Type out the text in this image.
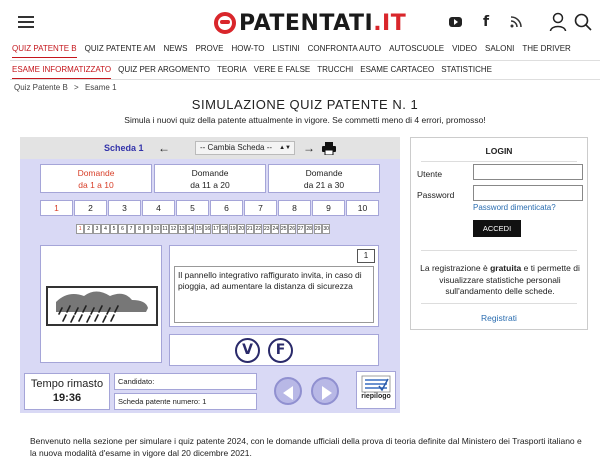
PATENTATI.IT	f
QUIZ PATENTE B QUIZ PATENTE AM NEWS PROVE HOW-TO LISTINI CONFRONTA AUTO AUTOSCUOLE VIDEO SALONI THE DRIVER
ESAME INFORMATIZZATO QUIZ PER ARGOMENTO TEORIA VERE E FALSE TRUCCHI ESAME CARTACEO STATISTICHE
Quiz Patente B > Esame 1
SIMULAZIONE QUIZ PATENTE N. 1
Simula i nuovi quiz della patente attualmente in vigore. Se commetti meno di 4 errori, promosso!
Scheda 1 ←	-- Cambia Scheda -- ▲▼ →
Domande
da 1 a 10
Domande
da 11 a 20
Domande
da 21 a 30
1	2	3	4	5	6	7	8	9	10
1	2	3	4	5	6	7	8	9 10 11 12 13 14 15 16 17 18 19 20 21 22 23 24 25 26 27 28 29 30
1
Il pannello integrativo raffigurato invita, in caso di pioggia, ad aumentare la distanza di sicurezza
V	F
Tempo rimasto
19:36
Candidato:
Scheda patente numero: 1
riepilogo
LOGIN
Utente
Password
Password dimenticata?
ACCEDI
La registrazione è gratuita e ti permette di visualizzare statistiche personali sull'andamento delle schede.
Registrati
Benvenuto nella sezione per simulare i quiz patente 2024, con le domande ufficiali della prova di teoria definite dal Ministero dei Trasporti italiano e la nuova modalità d'esame in vigore dal 20 dicembre 2021.
